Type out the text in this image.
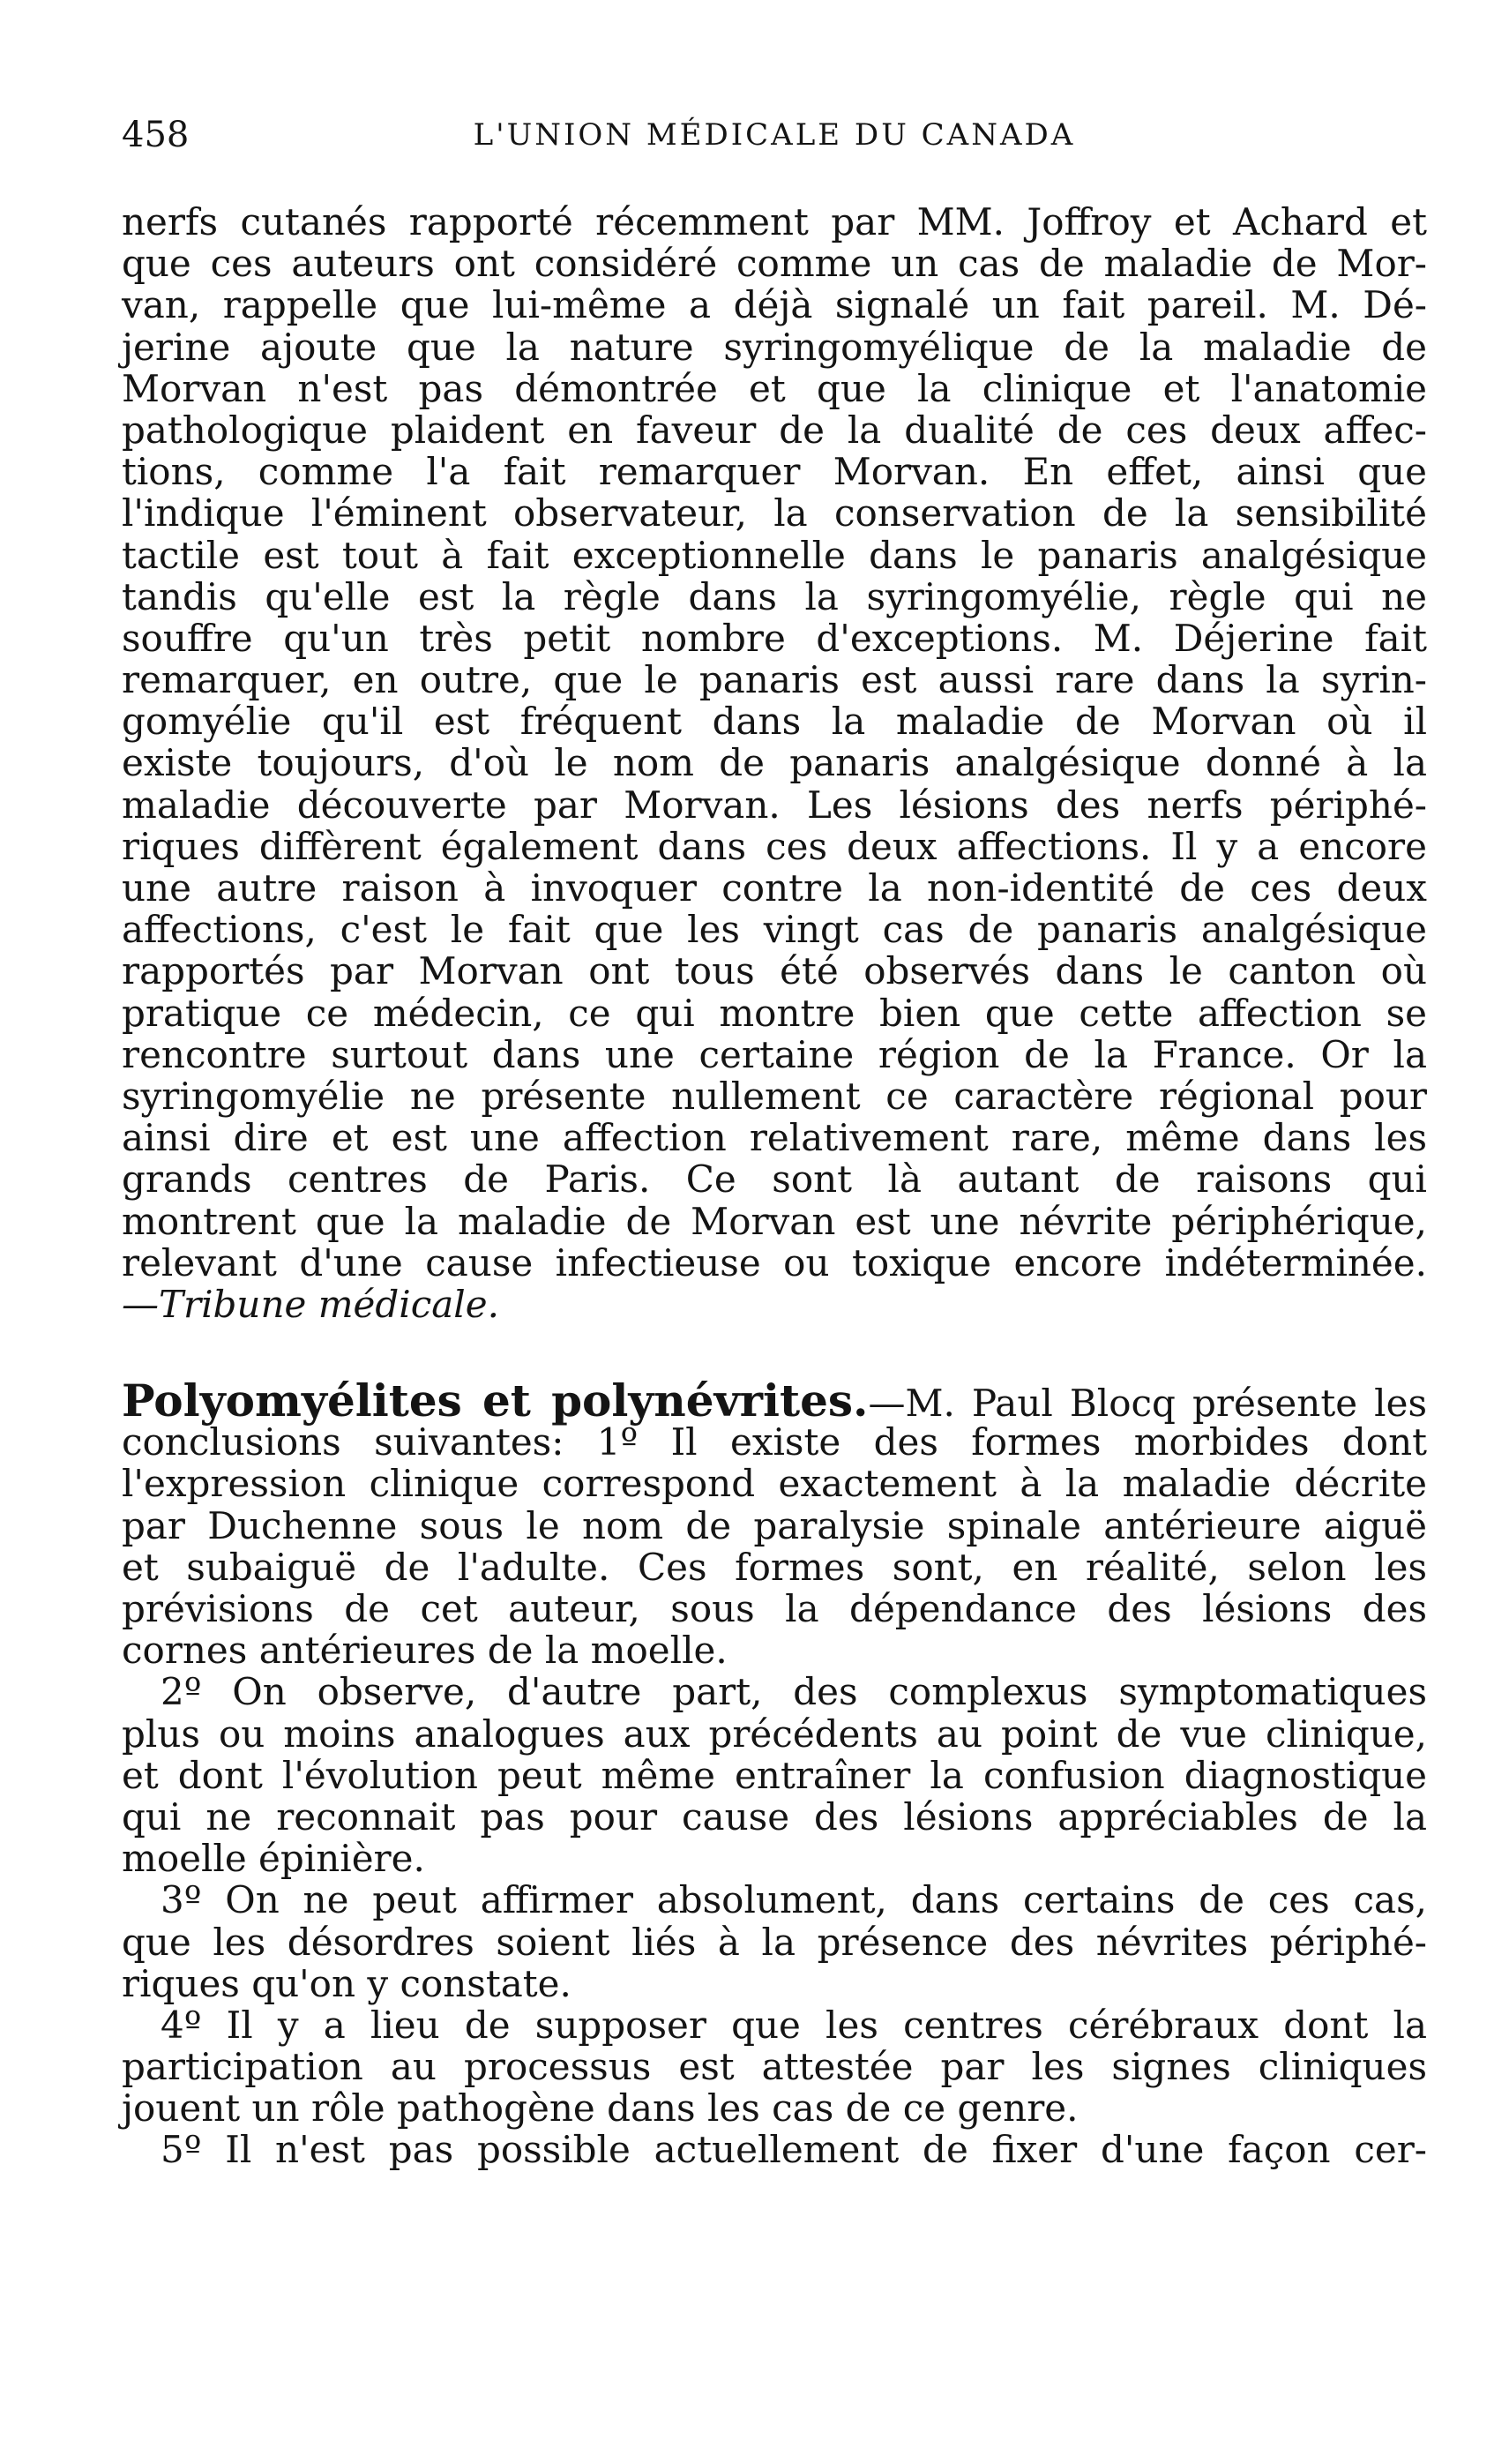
458	L'UNION MÉDICALE DU CANADA
nerfs cutanés rapporté récemment par MM. Joffroy et Achard et
que ces auteurs ont considéré comme un cas de maladie de Mor-
van, rappelle que lui-même a déjà signalé un fait pareil. M. Dé-
jerine ajoute que la nature syringomyélique de la maladie de
Morvan n'est pas démontrée et que la clinique et l'anatomie
pathologique plaident en faveur de la dualité de ces deux affec-
tions, comme l'a fait remarquer Morvan. En effet, ainsi que
l'indique l'éminent observateur, la conservation de la sensibilité
tactile est tout à fait exceptionnelle dans le panaris analgésique
tandis qu'elle est la règle dans la syringomyélie, règle qui ne
souffre qu'un très petit nombre d'exceptions. M. Déjerine fait
remarquer, en outre, que le panaris est aussi rare dans la syrin-
gomyélie qu'il est fréquent dans la maladie de Morvan où il
existe toujours, d'où le nom de panaris analgésique donné à la
maladie découverte par Morvan. Les lésions des nerfs périphé-
riques diffèrent également dans ces deux affections. Il y a encore
une autre raison à invoquer contre la non-identité de ces deux
affections, c'est le fait que les vingt cas de panaris analgésique
rapportés par Morvan ont tous été observés dans le canton où
pratique ce médecin, ce qui montre bien que cette affection se
rencontre surtout dans une certaine région de la France. Or la
syringomyélie ne présente nullement ce caractère régional pour
ainsi dire et est une affection relativement rare, même dans les
grands centres de Paris. Ce sont là autant de raisons qui
montrent que la maladie de Morvan est une névrite périphérique,
relevant d'une cause infectieuse ou toxique encore indéterminée.
—Tribune médicale.
Polyomyélites et polynévrites.—M. Paul Blocq présente les
conclusions suivantes: 1º Il existe des formes morbides dont
l'expression clinique correspond exactement à la maladie décrite
par Duchenne sous le nom de paralysie spinale antérieure aiguë
et subaiguë de l'adulte. Ces formes sont, en réalité, selon les
prévisions de cet auteur, sous la dépendance des lésions des
cornes antérieures de la moelle.
2º On observe, d'autre part, des complexus symptomatiques
plus ou moins analogues aux précédents au point de vue clinique,
et dont l'évolution peut même entraîner la confusion diagnostique
qui ne reconnait pas pour cause des lésions appréciables de la
moelle épinière.
3º On ne peut affirmer absolument, dans certains de ces cas,
que les désordres soient liés à la présence des névrites périphé-
riques qu'on y constate.
4º Il y a lieu de supposer que les centres cérébraux dont la
participation au processus est attestée par les signes cliniques
jouent un rôle pathogène dans les cas de ce genre.
5º Il n'est pas possible actuellement de fixer d'une façon cer-
